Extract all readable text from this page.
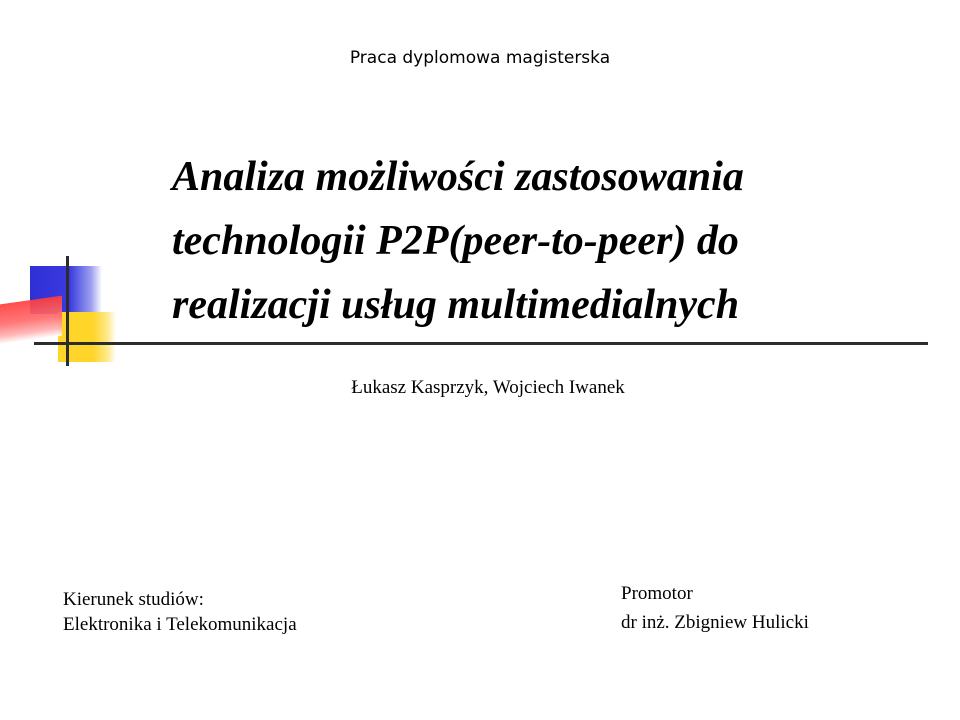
Praca dyplomowa magisterska
Analiza możliwości zastosowania
technologii P2P(peer-to-peer) do
realizacji usług multimedialnych
Łukasz Kasprzyk, Wojciech Iwanek
Kierunek studiów:
Elektronika i Telekomunikacja
Promotor
dr inż. Zbigniew Hulicki
